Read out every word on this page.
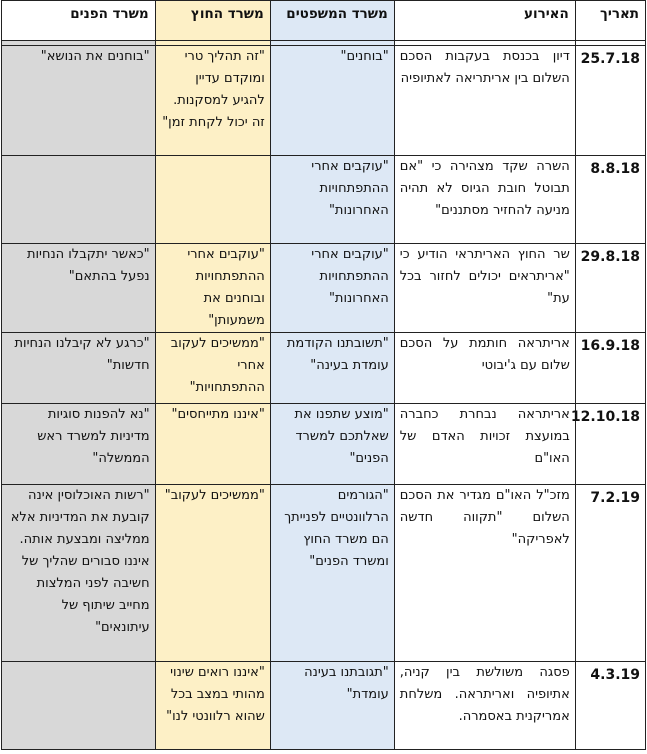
תאריך	האירוע	משרד המשפטים	משרד החוץ	משרד הפנים

25.7.18	דיון בכנסת בעקבות הסכם השלום בין אריתריאה לאתיופיה	"בוחנים"	"זה תהליך טרי ומוקדם עדיין להגיע למסקנות. זה יכול לקחת זמן"	"בוחנים את הנושא"
8.8.18	השרה שקד מצהירה כי "אם תבוטל חובת הגיוס לא תהיה מניעה להחזיר מסתננים"	"עוקבים אחרי ההתפתחויות האחרונות"		
29.8.18	שר החוץ האריתראי הודיע כי "אריתראים יכולים לחזור בכל עת"	"עוקבים אחרי ההתפתחויות האחרונות"	"עוקבים אחרי ההתפתחויות ובוחנים את משמעותן"	"כאשר יתקבלו הנחיות נפעל בהתאם"
16.9.18	אריתראה חותמת על הסכם שלום עם ג'יבוטי	"תשובתנו הקודמת עומדת בעינה"	"ממשיכים לעקוב אחרי ההתפתחויות"	"כרגע לא קיבלנו הנחיות חדשות"
12.10.18	אריתראה נבחרת כחברה במועצת זכויות האדם של האו"ם	"מוצע שתפנו את שאלתכם למשרד הפנים"	"איננו מתייחסים"	"נא להפנות סוגיות מדיניות למשרד ראש הממשלה"
7.2.19	מזכ"ל האו"ם מגדיר את הסכם השלום "תקווה חדשה לאפריקה"	"הגורמים הרלוונטיים לפנייתך הם משרד החוץ ומשרד הפנים"	"ממשיכים לעקוב"	"רשות האוכלוסין אינה קובעת את המדיניות אלא ממליצה ומבצעת אותה. איננו סבורים שהליך של חשיבה לפני המלצות מחייב שיתוף של עיתונאים"
4.3.19	פסגה משולשת בין קניה, אתיופיה ואריתראה. משלחת אמריקנית באסמרה.	"תגובתנו בעינה עומדת"	"איננו רואים שינוי מהותי במצב בכל שהוא רלוונטי לנו"	
